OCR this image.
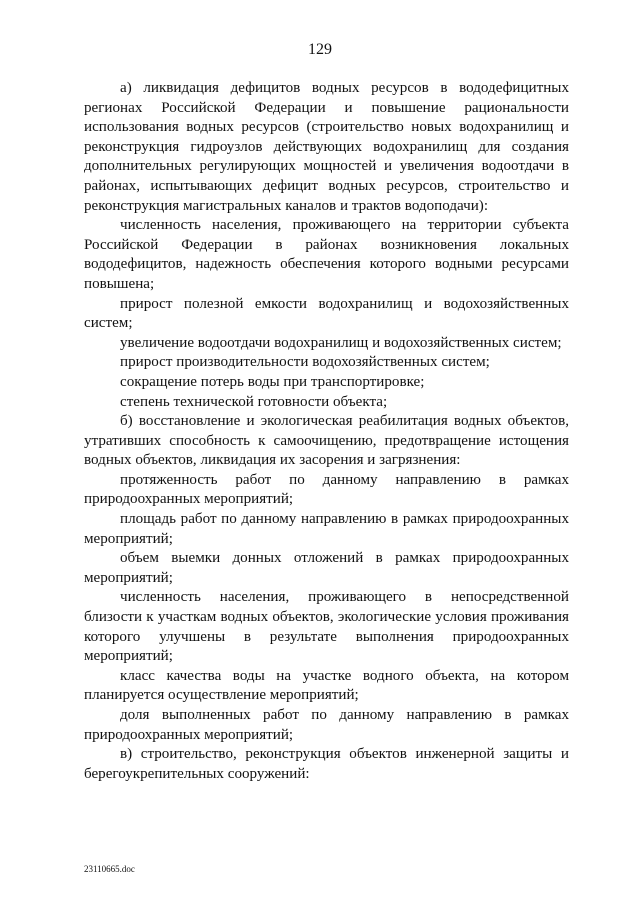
129

а) ликвидация дефицитов водных ресурсов в вододефицитных регионах Российской Федерации и повышение рациональности использования водных ресурсов (строительство новых водохранилищ и реконструкция гидроузлов действующих водохранилищ для создания дополнительных регулирующих мощностей и увеличения водоотдачи в районах, испытывающих дефицит водных ресурсов, строительство и реконструкция магистральных каналов и трактов водоподачи):

численность населения, проживающего на территории субъекта Российской Федерации в районах возникновения локальных вододефицитов, надежность обеспечения которого водными ресурсами повышена;

прирост полезной емкости водохранилищ и водохозяйственных систем;

увеличение водоотдачи водохранилищ и водохозяйственных систем;

прирост производительности водохозяйственных систем;

сокращение потерь воды при транспортировке;

степень технической готовности объекта;

б) восстановление и экологическая реабилитация водных объектов, утративших способность к самоочищению, предотвращение истощения водных объектов, ликвидация их засорения и загрязнения:

протяженность работ по данному направлению в рамках природоохранных мероприятий;

площадь работ по данному направлению в рамках природоохранных мероприятий;

объем выемки донных отложений в рамках природоохранных мероприятий;

численность населения, проживающего в непосредственной близости к участкам водных объектов, экологические условия проживания которого улучшены в результате выполнения природоохранных мероприятий;

класс качества воды на участке водного объекта, на котором планируется осуществление мероприятий;

доля выполненных работ по данному направлению в рамках природоохранных мероприятий;

в) строительство, реконструкция объектов инженерной защиты и берегоукрепительных сооружений:

23110665.doc
